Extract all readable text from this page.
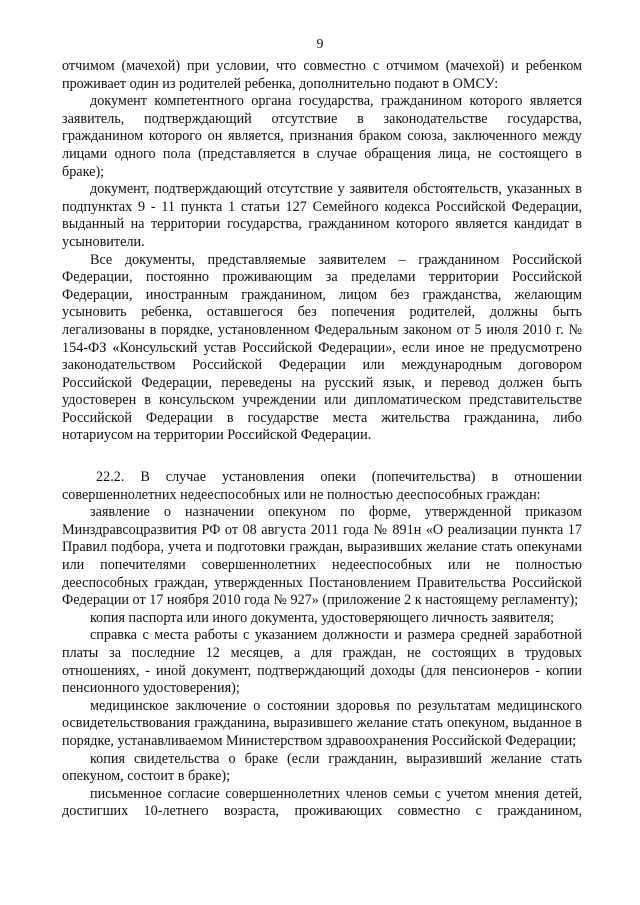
9

отчимом (мачехой) при условии, что совместно с отчимом (мачехой) и ребенком проживает один из родителей ребенка, дополнительно подают в ОМСУ:

документ компетентного органа государства, гражданином которого является заявитель, подтверждающий отсутствие в законодательстве государства, гражданином которого он является, признания браком союза, заключенного между лицами одного пола (представляется в случае обращения лица, не состоящего в браке);

документ, подтверждающий отсутствие у заявителя обстоятельств, указанных в подпунктах 9 - 11 пункта 1 статьи 127 Семейного кодекса Российской Федерации, выданный на территории государства, гражданином которого является кандидат в усыновители.

Все документы, представляемые заявителем – гражданином Российской Федерации, постоянно проживающим за пределами территории Российской Федерации, иностранным гражданином, лицом без гражданства, желающим усыновить ребенка, оставшегося без попечения родителей, должны быть легализованы в порядке, установленном Федеральным законом от 5 июля 2010 г. № 154-ФЗ «Консульский устав Российской Федерации», если иное не предусмотрено законодательством Российской Федерации или международным договором Российской Федерации, переведены на русский язык, и перевод должен быть удостоверен в консульском учреждении или дипломатическом представительстве Российской Федерации в государстве места жительства гражданина, либо нотариусом на территории Российской Федерации.

22.2. В случае установления опеки (попечительства) в отношении совершеннолетних недееспособных или не полностью дееспособных граждан:

заявление о назначении опекуном по форме, утвержденной приказом Минздравсоцразвития РФ от 08 августа 2011 года № 891н «О реализации пункта 17 Правил подбора, учета и подготовки граждан, выразивших желание стать опекунами или попечителями совершеннолетних недееспособных или не полностью дееспособных граждан, утвержденных Постановлением Правительства Российской Федерации от 17 ноября 2010 года № 927» (приложение 2 к настоящему регламенту);

копия паспорта или иного документа, удостоверяющего личность заявителя;

справка с места работы с указанием должности и размера средней заработной платы за последние 12 месяцев, а для граждан, не состоящих в трудовых отношениях, - иной документ, подтверждающий доходы (для пенсионеров - копии пенсионного удостоверения);

медицинское заключение о состоянии здоровья по результатам медицинского освидетельствования гражданина, выразившего желание стать опекуном, выданное в порядке, устанавливаемом Министерством здравоохранения Российской Федерации;

копия свидетельства о браке (если гражданин, выразивший желание стать опекуном, состоит в браке);

письменное согласие совершеннолетних членов семьи с учетом мнения детей, достигших 10-летнего возраста, проживающих совместно с гражданином,
